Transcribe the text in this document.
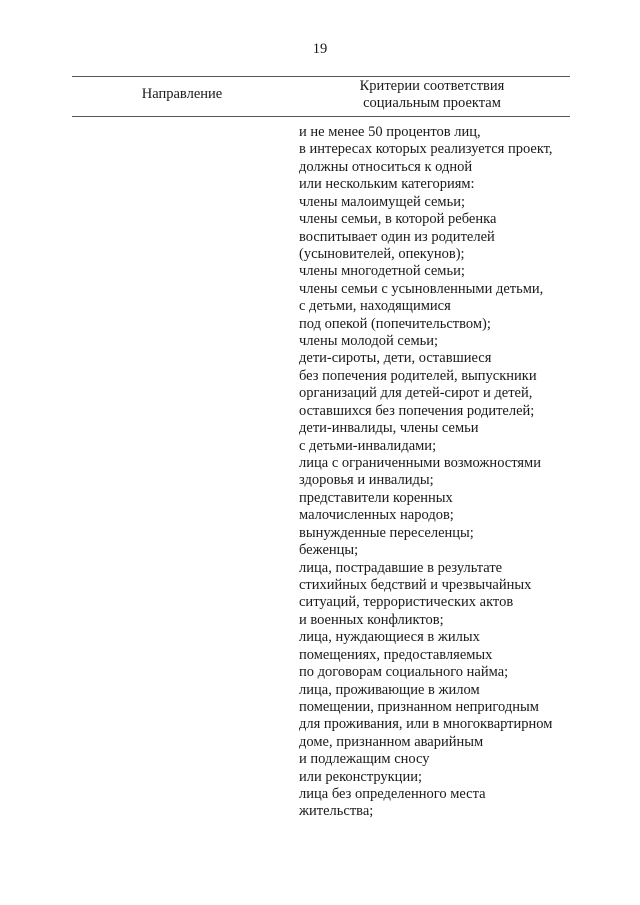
19
Направление	Критерии соответствия
социальным проектам
и не менее 50 процентов лиц,
в интересах которых реализуется проект,
должны относиться к одной
или нескольким категориям:
члены малоимущей семьи;
члены семьи, в которой ребенка
воспитывает один из родителей
(усыновителей, опекунов);
члены многодетной семьи;
члены семьи с усыновленными детьми,
с детьми, находящимися
под опекой (попечительством);
члены молодой семьи;
дети-сироты, дети, оставшиеся
без попечения родителей, выпускники
организаций для детей-сирот и детей,
оставшихся без попечения родителей;
дети-инвалиды, члены семьи
с детьми-инвалидами;
лица с ограниченными возможностями
здоровья и инвалиды;
представители коренных
малочисленных народов;
вынужденные переселенцы;
беженцы;
лица, пострадавшие в результате
стихийных бедствий и чрезвычайных
ситуаций, террористических актов
и военных конфликтов;
лица, нуждающиеся в жилых
помещениях, предоставляемых
по договорам социального найма;
лица, проживающие в жилом
помещении, признанном непригодным
для проживания, или в многоквартирном
доме, признанном аварийным
и подлежащим сносу
или реконструкции;
лица без определенного места
жительства;
